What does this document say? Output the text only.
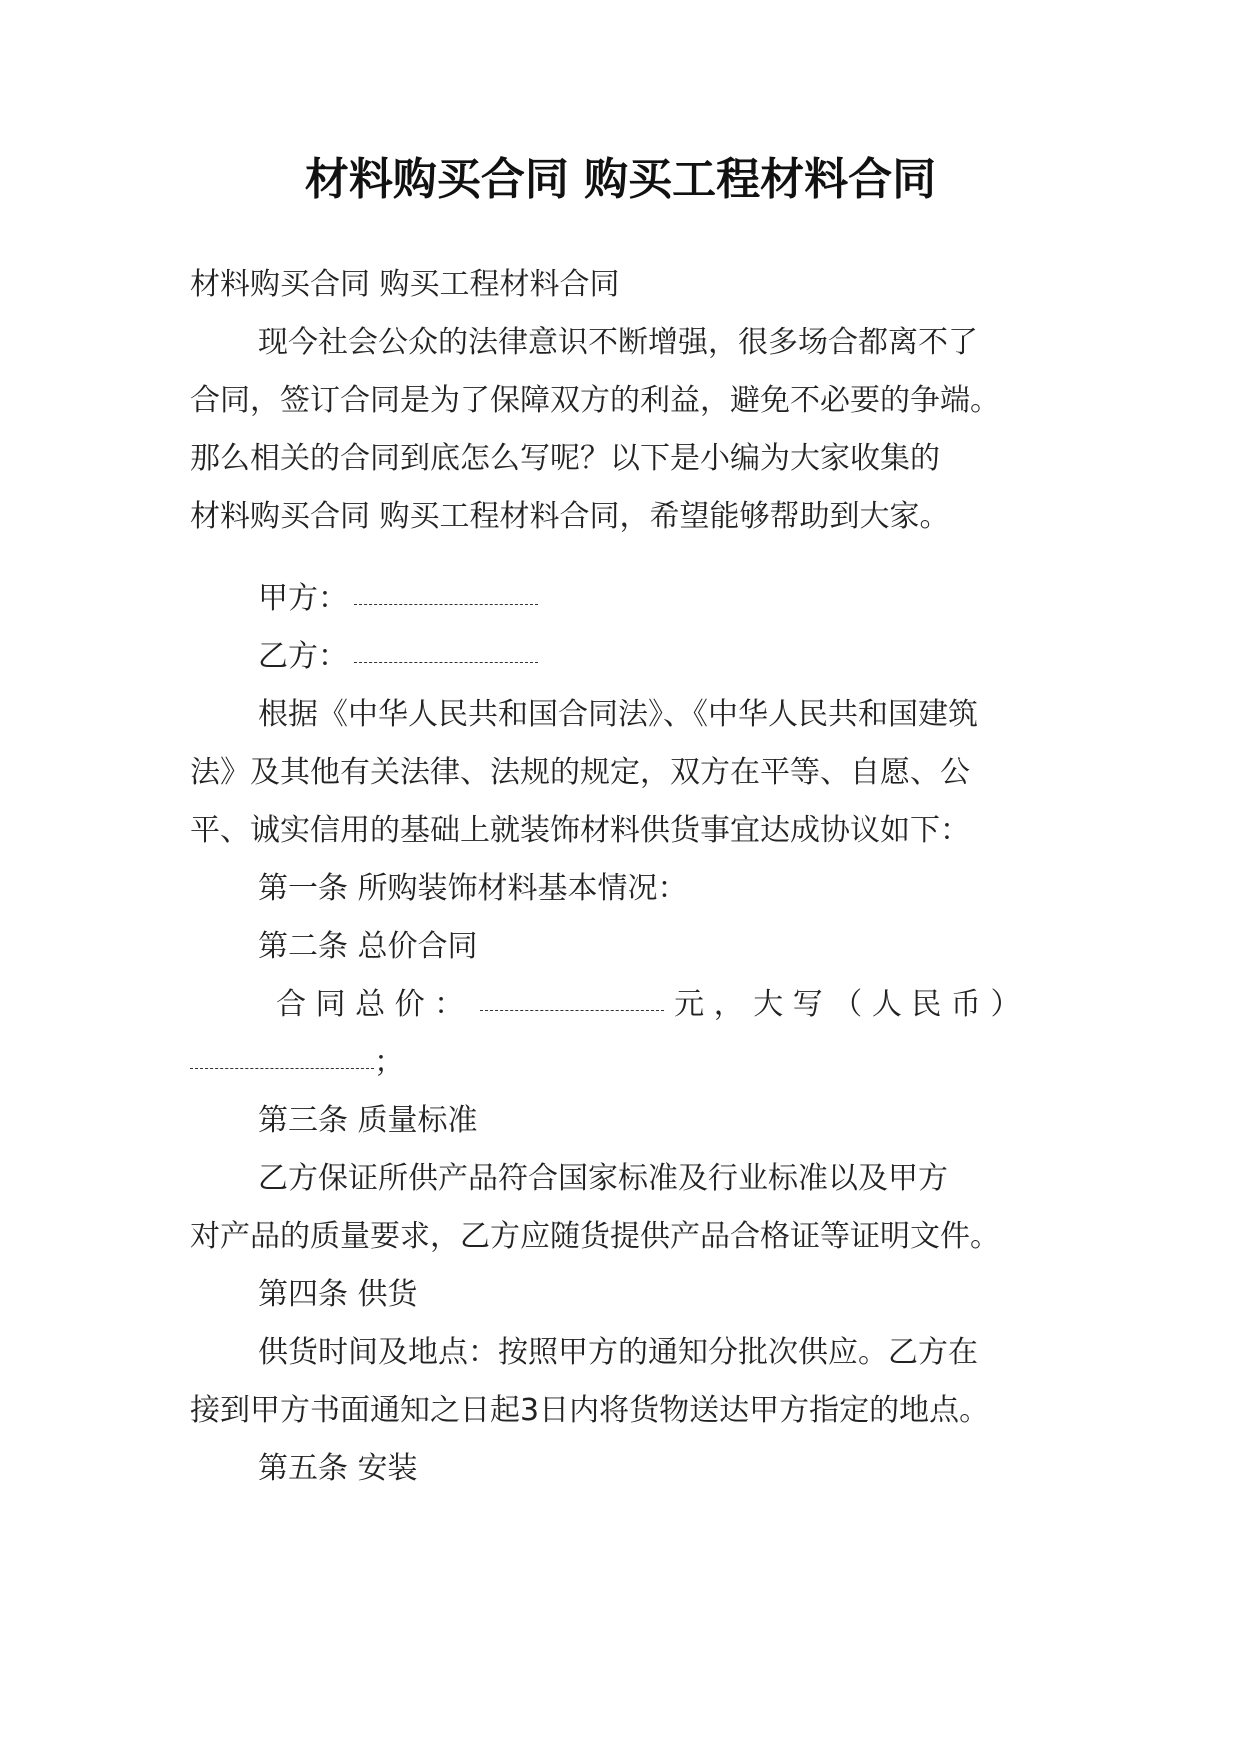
材料购买合同 购买工程材料合同

材料购买合同 购买工程材料合同

现今社会公众的法律意识不断增强，很多场合都离不了

合同，签订合同是为了保障双方的利益，避免不必要的争端。

那么相关的合同到底怎么写呢？以下是小编为大家收集的

材料购买合同 购买工程材料合同，希望能够帮助到大家。

甲方：

乙方：

根据《中华人民共和国合同法》、《中华人民共和国建筑

法》及其他有关法律、法规的规定，双方在平等、自愿、公

平、诚实信用的基础上就装饰材料供货事宜达成协议如下：

第一条 所购装饰材料基本情况：

第二条 总价合同

合 同 总 价 ：	元 ， 大 写 （ 人 民 币 ）

；

第三条 质量标准

乙方保证所供产品符合国家标准及行业标准以及甲方

对产品的质量要求，乙方应随货提供产品合格证等证明文件。

第四条 供货

供货时间及地点：按照甲方的通知分批次供应。乙方在

接到甲方书面通知之日起3日内将货物送达甲方指定的地点。

第五条 安装
